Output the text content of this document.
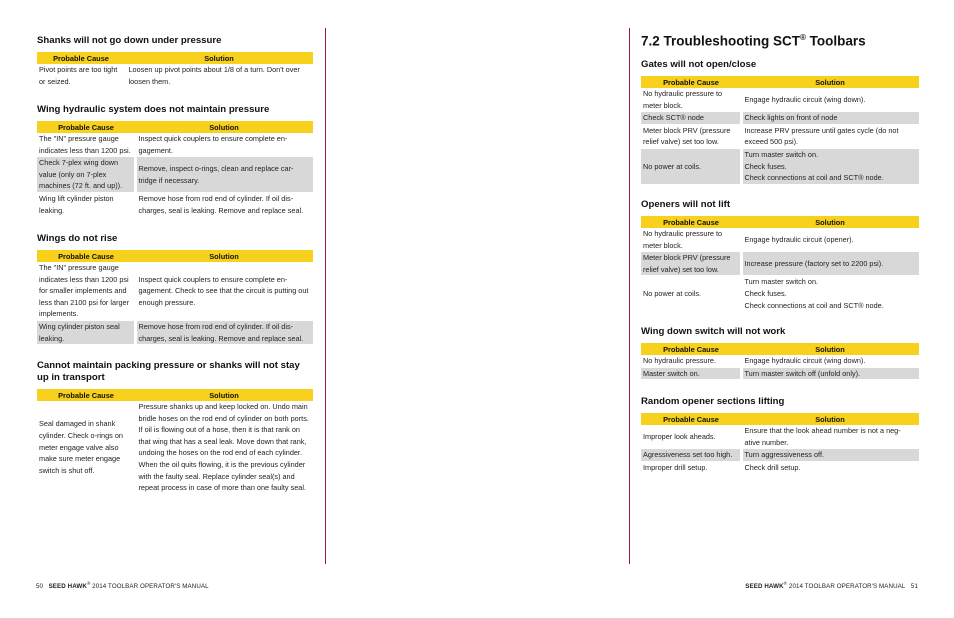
Shanks will not go down under pressure
Probable Cause	Solution
Pivot points are too tight or seized.	Loosen up pivot points about 1/8 of a turn. Don't over loosen them.
Wing hydraulic system does not maintain pressure
Probable Cause	Solution
The "IN" pressure gauge indicates less than 1200 psi.	Inspect quick couplers to ensure complete en- gagement.
Check 7-plex wing down value (only on 7-plex machines (72 ft. and up)).	Remove, inspect o-rings, clean and replace car- tridge if necessary.
Wing lift cylinder piston leaking.	Remove hose from rod end of cylinder. If oil dis- charges, seal is leaking. Remove and replace seal.
Wings do not rise
Probable Cause	Solution
The "IN" pressure gauge indicates less than 1200 psi for smaller implements and less than 2100 psi for larger implements.	Inspect quick couplers to ensure complete en- gagement. Check to see that the circuit is putting out enough pressure.
Wing cylinder piston seal leaking.	Remove hose from rod end of cylinder. If oil dis- charges, seal is leaking. Remove and replace seal.
Cannot maintain packing pressure or shanks will not stay up in transport
Probable Cause	Solution
Seal damaged in shank cylinder. Check o-rings on meter engage valve also make sure meter engage switch is shut off.	Pressure shanks up and keep locked on. Undo main bridle hoses on the rod end of cylinder on both ports. If oil is flowing out of a hose, then it is that rank on that wing that has a seal leak. Move down that rank, undoing the hoses on the rod end of each cylinder. When the oil quits flowing, it is the previous cylinder with the faulty seal. Replace cylinder seal(s) and repeat process in case of more than one faulty seal.
50 SEED HAWK® 2014 TOOLBAR OPERATOR'S MANUAL
7.2 Troubleshooting SCT® Toolbars
Gates will not open/close
Probable Cause	Solution
No hydraulic pressure to meter block.	Engage hydraulic circuit (wing down).
Check SCT® node	Check lights on front of node
Meter block PRV (pressure relief valve) set too low.	Increase PRV pressure until gates cycle (do not exceed 500 psi).
No power at coils.	Turn master switch on.
Check fuses.
Check connections at coil and SCT® node.
Openers will not lift
Probable Cause	Solution
No hydraulic pressure to meter block.	Engage hydraulic circuit (opener).
Meter block PRV (pressure relief valve) set too low.	Increase pressure (factory set to 2200 psi).
No power at coils.	Turn master switch on.
Check fuses.
Check connections at coil and SCT® node.
Wing down switch will not work
Probable Cause	Solution
No hydraulic pressure.	Engage hydraulic circuit (wing down).
Master switch on.	Turn master switch off (unfold only).
Random opener sections lifting
Probable Cause	Solution
Improper look aheads.	Ensure that the look ahead number is not a neg- ative number.
Agressiveness set too high.	Turn aggressiveness off.
Improper drill setup.	Check drill setup.
SEED HAWK® 2014 TOOLBAR OPERATOR'S MANUAL 51
